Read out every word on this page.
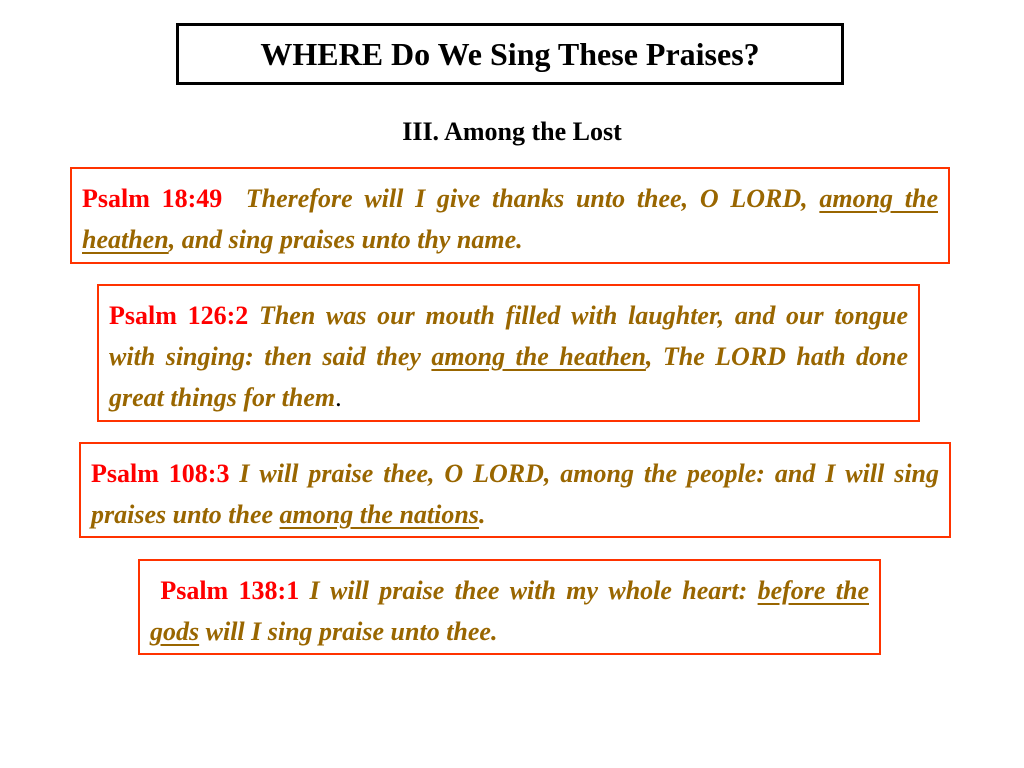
WHERE Do We Sing These Praises?
III. Among the Lost
Psalm 18:49 Therefore will I give thanks unto thee, O LORD, among the heathen, and sing praises unto thy name.
Psalm 126:2 Then was our mouth filled with laughter, and our tongue with singing: then said they among the heathen, The LORD hath done great things for them.
Psalm 108:3 I will praise thee, O LORD, among the people: and I will sing praises unto thee among the nations.
Psalm 138:1 I will praise thee with my whole heart: before the gods will I sing praise unto thee.
